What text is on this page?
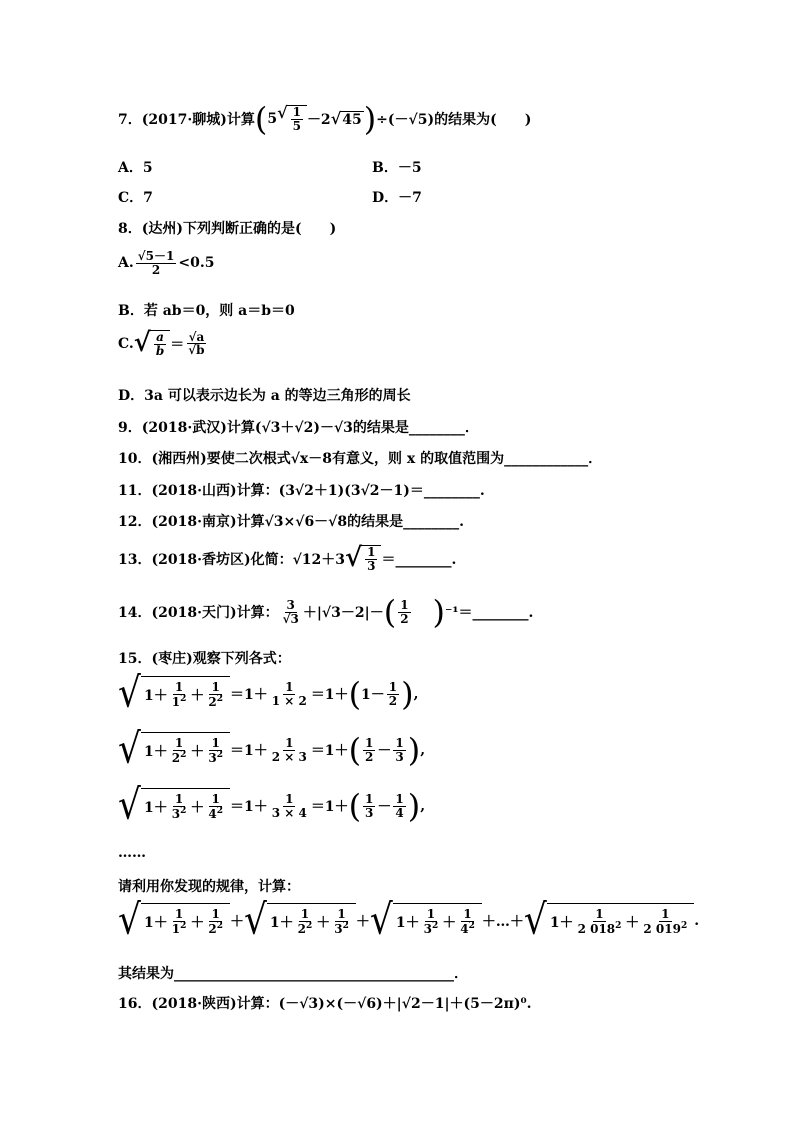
7．(2017·聊城)计算 ( 5 √ $\frac{1}{5} -2$ √ 45 ) ÷(－√5)的结果为(　　)
A．5	B．－5
C．7	D．－7
8．(达州)下列判断正确的是(　　)
A. $\frac{√5-1}{2} <0.5$
B．若 ab＝0，则 a＝b＝0
C. √ $\frac{a}{b} = \frac{√a}{√b}$
D．3a 可以表示边长为 a 的等边三角形的周长
9．(2018·武汉)计算(√3＋√2)－√3的结果是________．
10．(湘西州)要使二次根式√x－8有意义，则 x 的取值范围为____________．
11．(2018·山西)计算：(3√2＋1)(3√2－1)＝________.
12．(2018·南京)计算√3×√6－√8的结果是________.
13．(2018·香坊区)化简：√12＋3 √ $\frac{1}{3}$ ＝________.
14．(2018·天门)计算： $\frac{3}{√3} +|√3-2|-$ ( $\frac{1}{2}$ ) ⁻¹＝________.
15．(枣庄)观察下列各式：
√ $1+ \frac{1}{1^2} + \frac{1}{2^2} =1+ \frac{1}{1 \times 2} =1+$ ( $1- \frac{1}{2}$ ) ,
√ $1+ \frac{1}{2^2} + \frac{1}{3^2} =1+ \frac{1}{2 \times 3} =1+$ ( $\frac{1}{2} - \frac{1}{3}$ ) ,
√ $1+ \frac{1}{3^2} + \frac{1}{4^2} =1+ \frac{1}{3 \times 4} =1+$ ( $\frac{1}{3} - \frac{1}{4}$ ) ,
……
请利用你发现的规律，计算：
√ $1+ \frac{1}{1^2} + \frac{1}{2^2}$ ＋ √ $1+ \frac{1}{2^2} + \frac{1}{3^2}$ ＋ √ $1+ \frac{1}{3^2} + \frac{1}{4^2}$ ＋…＋ √ $1+ \frac{1}{2 018^2} + \frac{1}{2 019^2}$ .
其结果为________________________________________．
16．(2018·陕西)计算：(－√3)×(－√6)＋|√2－1|＋(5－2π)⁰.
